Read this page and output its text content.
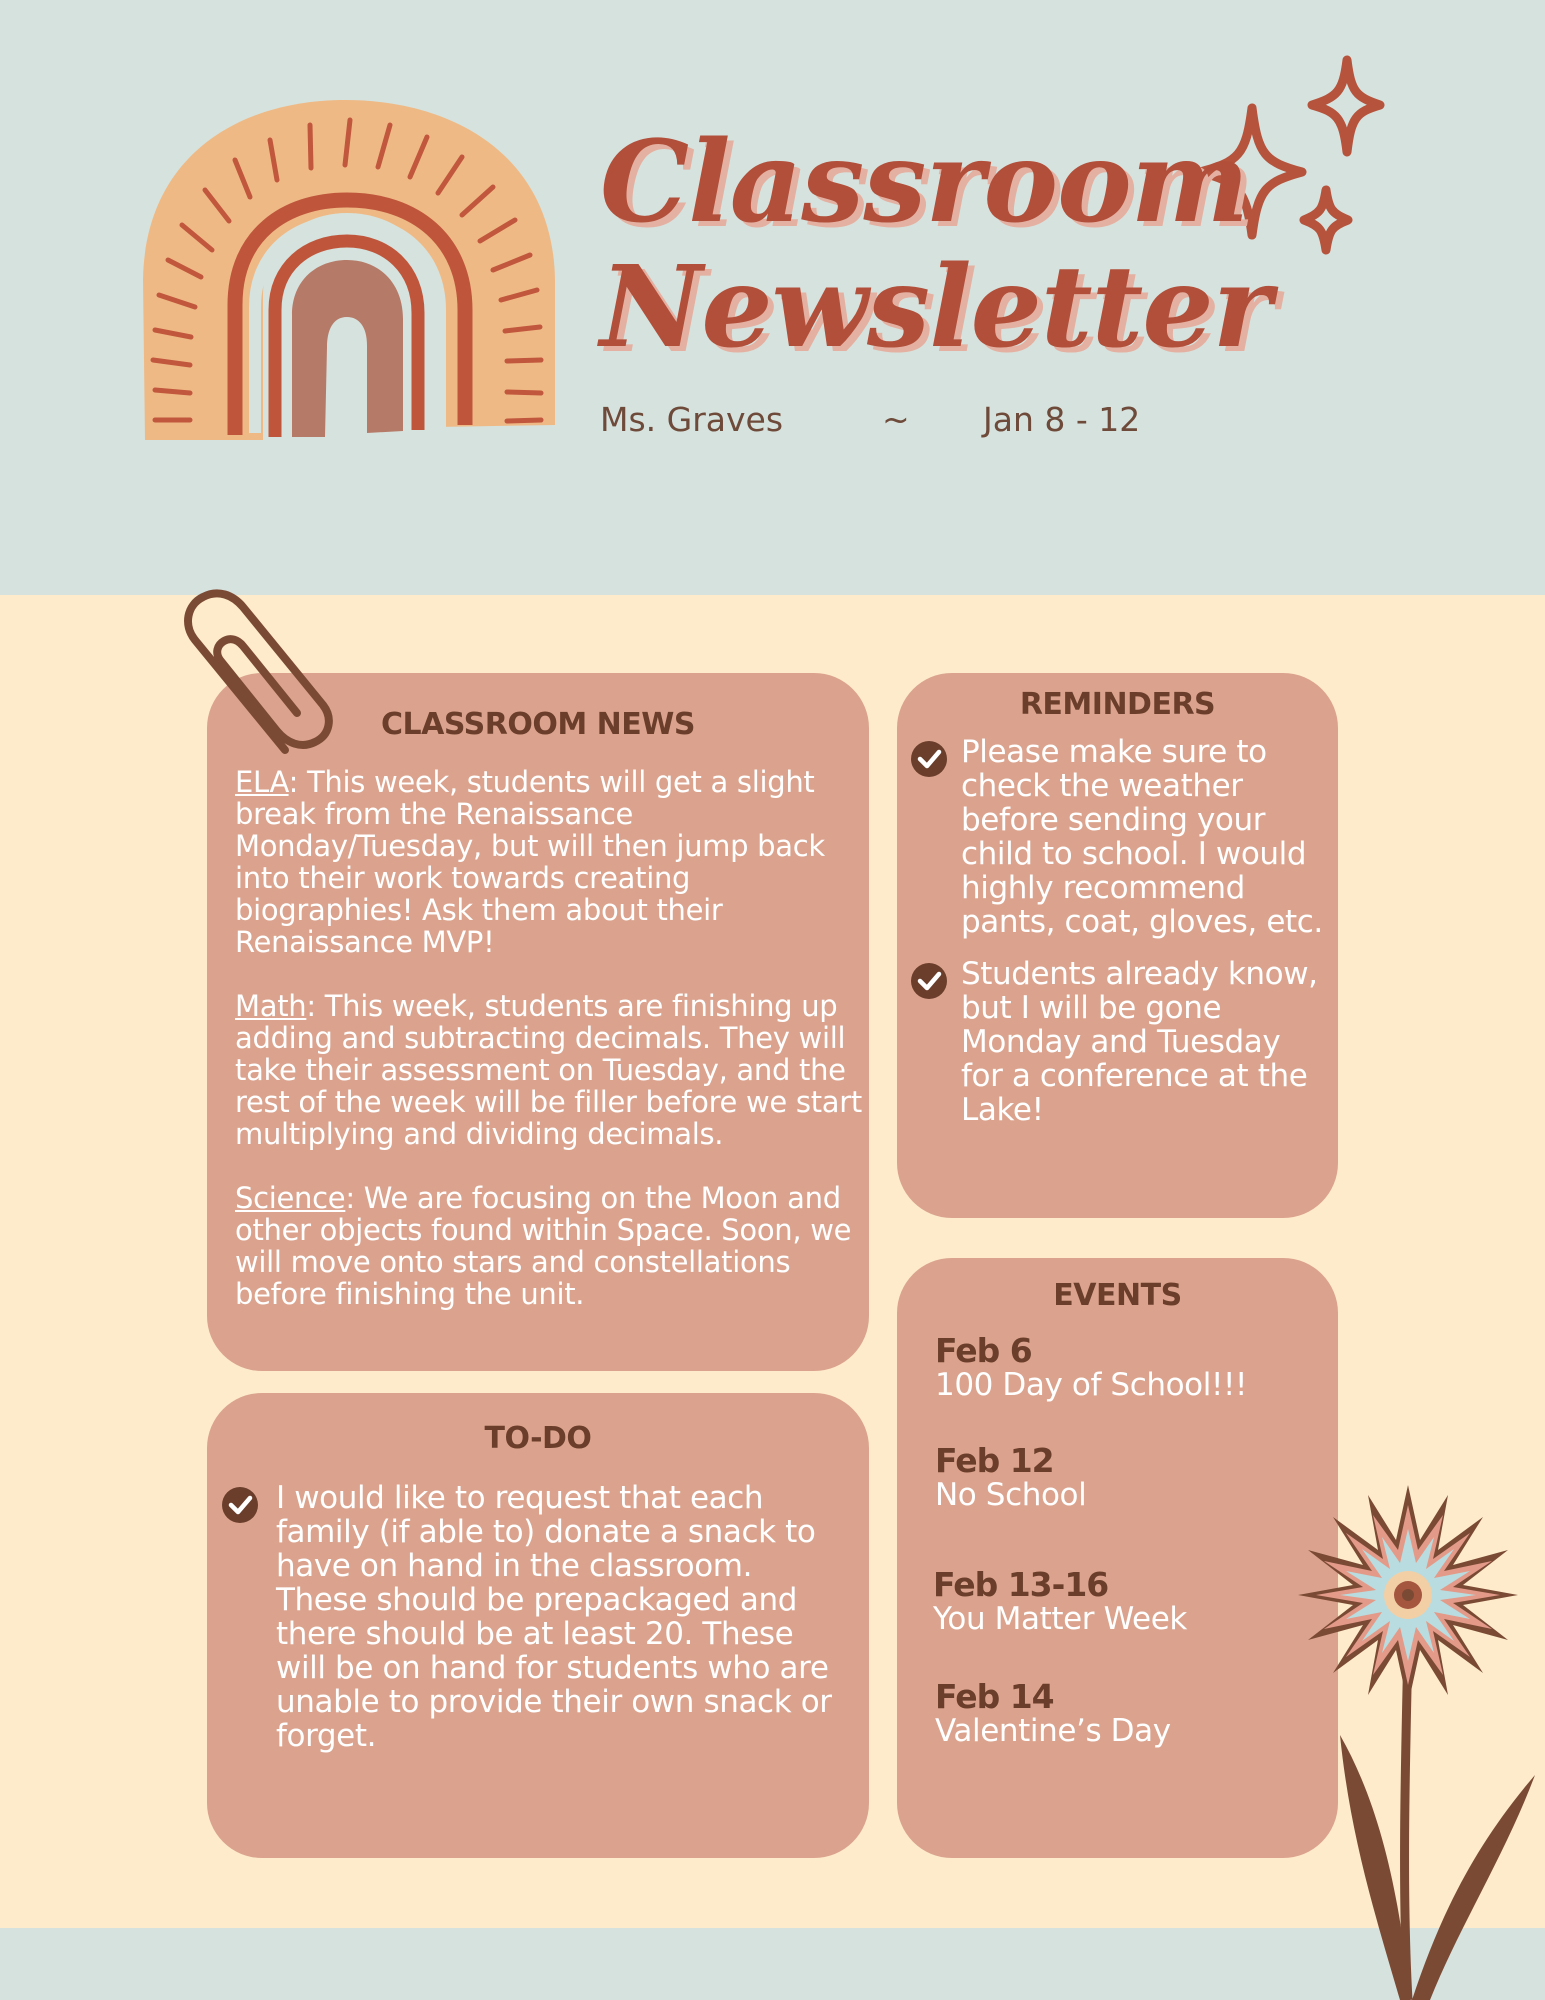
Classroom
Newsletter
Ms. Graves	~ Jan 8 - 12
CLASSROOM NEWS

ELA: This week, students will get a slight break from the Renaissance Monday/Tuesday, but will then jump back into their work towards creating biographies! Ask them about their Renaissance MVP!

Math: This week, students are finishing up adding and subtracting decimals. They will take their assessment on Tuesday, and the rest of the week will be filler before we start multiplying and dividing decimals.

Science: We are focusing on the Moon and other objects found within Space. Soon, we will move onto stars and constellations before finishing the unit.

REMINDERS
Please make sure to check the weather before sending your child to school. I would highly recommend pants, coat, gloves, etc.
Students already know, but I will be gone Monday and Tuesday for a conference at the Lake!
EVENTS
Feb 6
100 Day of School!!!
Feb 12
No School
Feb 13-16
You Matter Week
Feb 14
Valentine’s Day
TO-DO
I would like to request that each family (if able to) donate a snack to have on hand in the classroom. These should be prepackaged and there should be at least 20. These will be on hand for students who are unable to provide their own snack or forget.
